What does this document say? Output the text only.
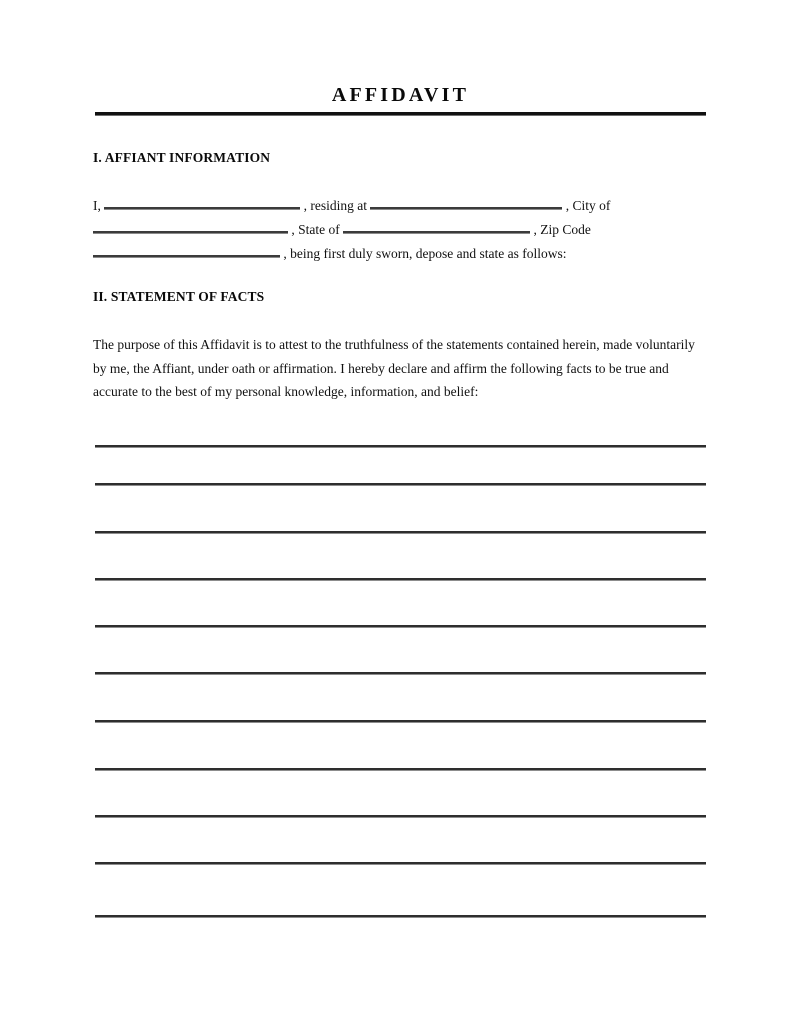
AFFIDAVIT
I. AFFIANT INFORMATION
I,	, residing at	, City of
, State of	, Zip Code
, being first duly sworn, depose and state as follows:
II. STATEMENT OF FACTS
The purpose of this Affidavit is to attest to the truthfulness of the statements contained herein, made voluntarily by me, the Affiant, under oath or affirmation. I hereby declare and affirm the following facts to be true and accurate to the best of my personal knowledge, information, and belief:
